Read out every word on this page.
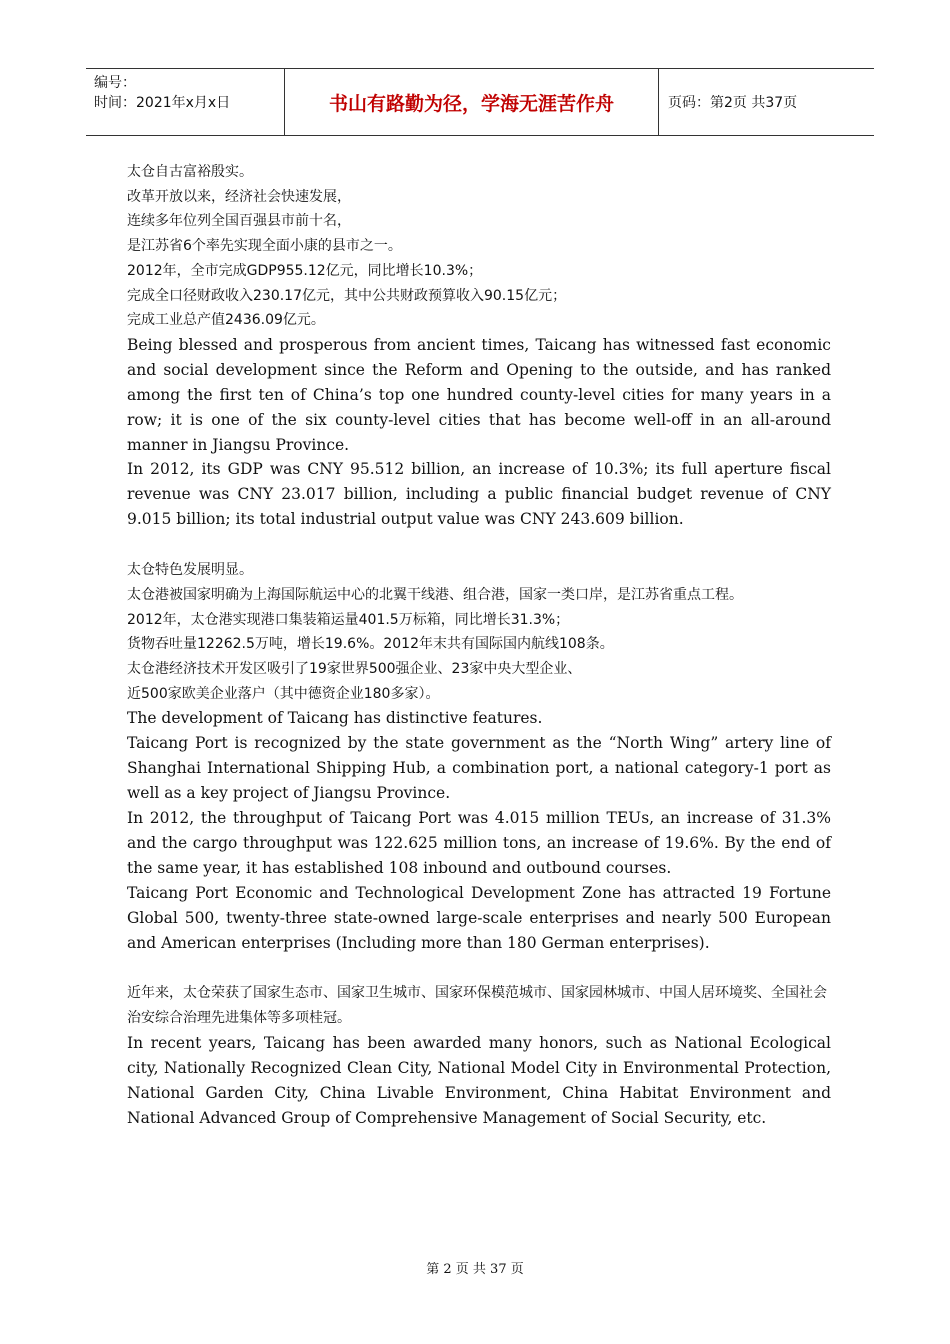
编号：
时间：2021年x月x日	书山有路勤为径，学海无涯苦作舟	页码：第2页 共37页
太仓自古富裕殷实。
改革开放以来，经济社会快速发展，
连续多年位列全国百强县市前十名，
是江苏省6个率先实现全面小康的县市之一。
2012年，全市完成GDP955.12亿元，同比增长10.3%；
完成全口径财政收入230.17亿元，其中公共财政预算收入90.15亿元；
完成工业总产值2436.09亿元。
Being blessed and prosperous from ancient times, Taicang has witnessed fast economic and social development since the Reform and Opening to the outside, and has ranked among the first ten of China’s top one hundred county-level cities for many years in a row; it is one of the six county-level cities that has become well-off in an all-around manner in Jiangsu Province.
In 2012, its GDP was CNY 95.512 billion, an increase of 10.3%; its full aperture fiscal revenue was CNY 23.017 billion, including a public financial budget revenue of CNY 9.015 billion; its total industrial output value was CNY 243.609 billion.
太仓特色发展明显。
太仓港被国家明确为上海国际航运中心的北翼干线港、组合港，国家一类口岸，是江苏省重点工程。
2012年，太仓港实现港口集装箱运量401.5万标箱，同比增长31.3%；
货物吞吐量12262.5万吨，增长19.6%。2012年末共有国际国内航线108条。
太仓港经济技术开发区吸引了19家世界500强企业、23家中央大型企业、
近500家欧美企业落户（其中德资企业180多家）。
The development of Taicang has distinctive features.
Taicang Port is recognized by the state government as the “North Wing” artery line of Shanghai International Shipping Hub, a combination port, a national category-1 port as well as a key project of Jiangsu Province.
In 2012, the throughput of Taicang Port was 4.015 million TEUs, an increase of 31.3% and the cargo throughput was 122.625 million tons, an increase of 19.6%. By the end of the same year, it has established 108 inbound and outbound courses.
Taicang Port Economic and Technological Development Zone has attracted 19 Fortune Global 500, twenty-three state-owned large-scale enterprises and nearly 500 European and American enterprises (Including more than 180 German enterprises).
近年来，太仓荣获了国家生态市、国家卫生城市、国家环保模范城市、国家园林城市、中国人居环境奖、全国社会治安综合治理先进集体等多项桂冠。
In recent years, Taicang has been awarded many honors, such as National Ecological city, Nationally Recognized Clean City, National Model City in Environmental Protection, National Garden City, China Livable Environment, China Habitat Environment and National Advanced Group of Comprehensive Management of Social Security, etc.
第 2 页 共 37 页
